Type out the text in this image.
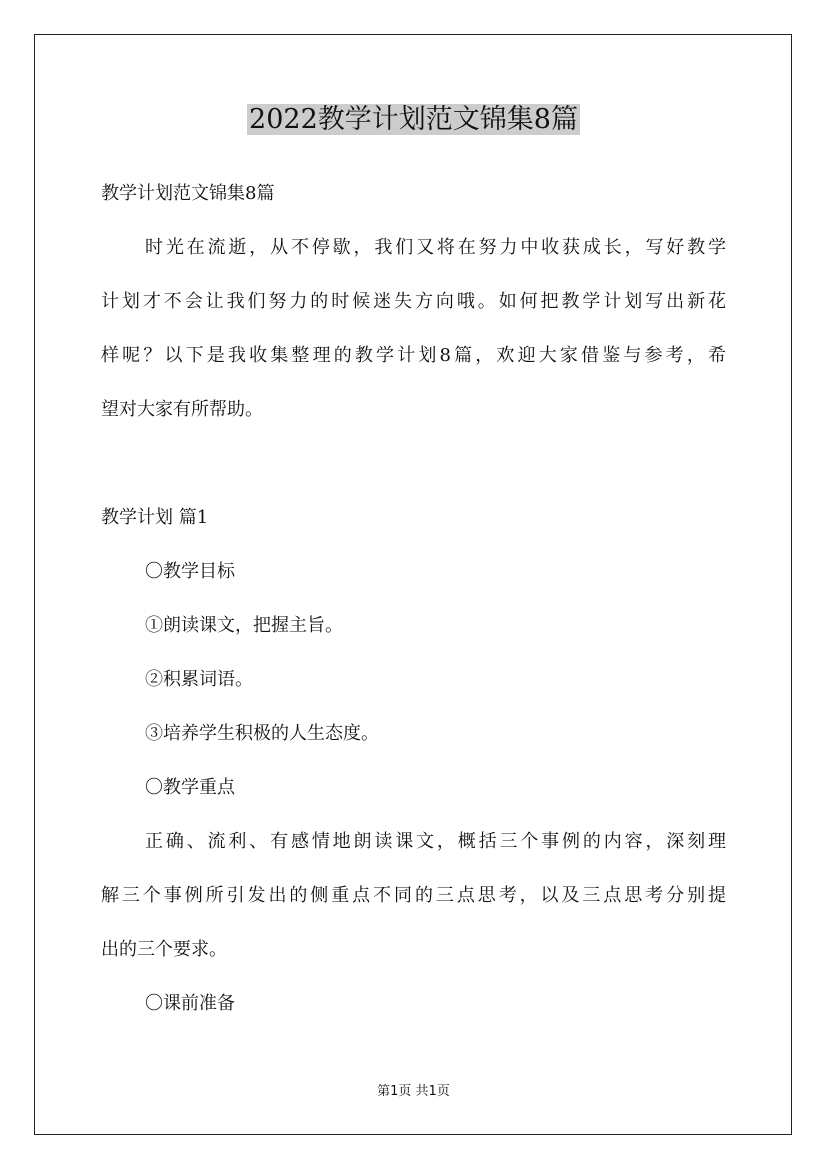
2022教学计划范文锦集8篇

教学计划范文锦集8篇

时光在流逝，从不停歇，我们又将在努力中收获成长，写好教学

计划才不会让我们努力的时候迷失方向哦。如何把教学计划写出新花

样呢？以下是我收集整理的教学计划8篇，欢迎大家借鉴与参考，希

望对大家有所帮助。

教学计划 篇1

〇教学目标

①朗读课文，把握主旨。

②积累词语。

③培养学生积极的人生态度。

〇教学重点

正确、流利、有感情地朗读课文，概括三个事例的内容，深刻理

解三个事例所引发出的侧重点不同的三点思考，以及三点思考分别提

出的三个要求。

〇课前准备

第1页 共1页
